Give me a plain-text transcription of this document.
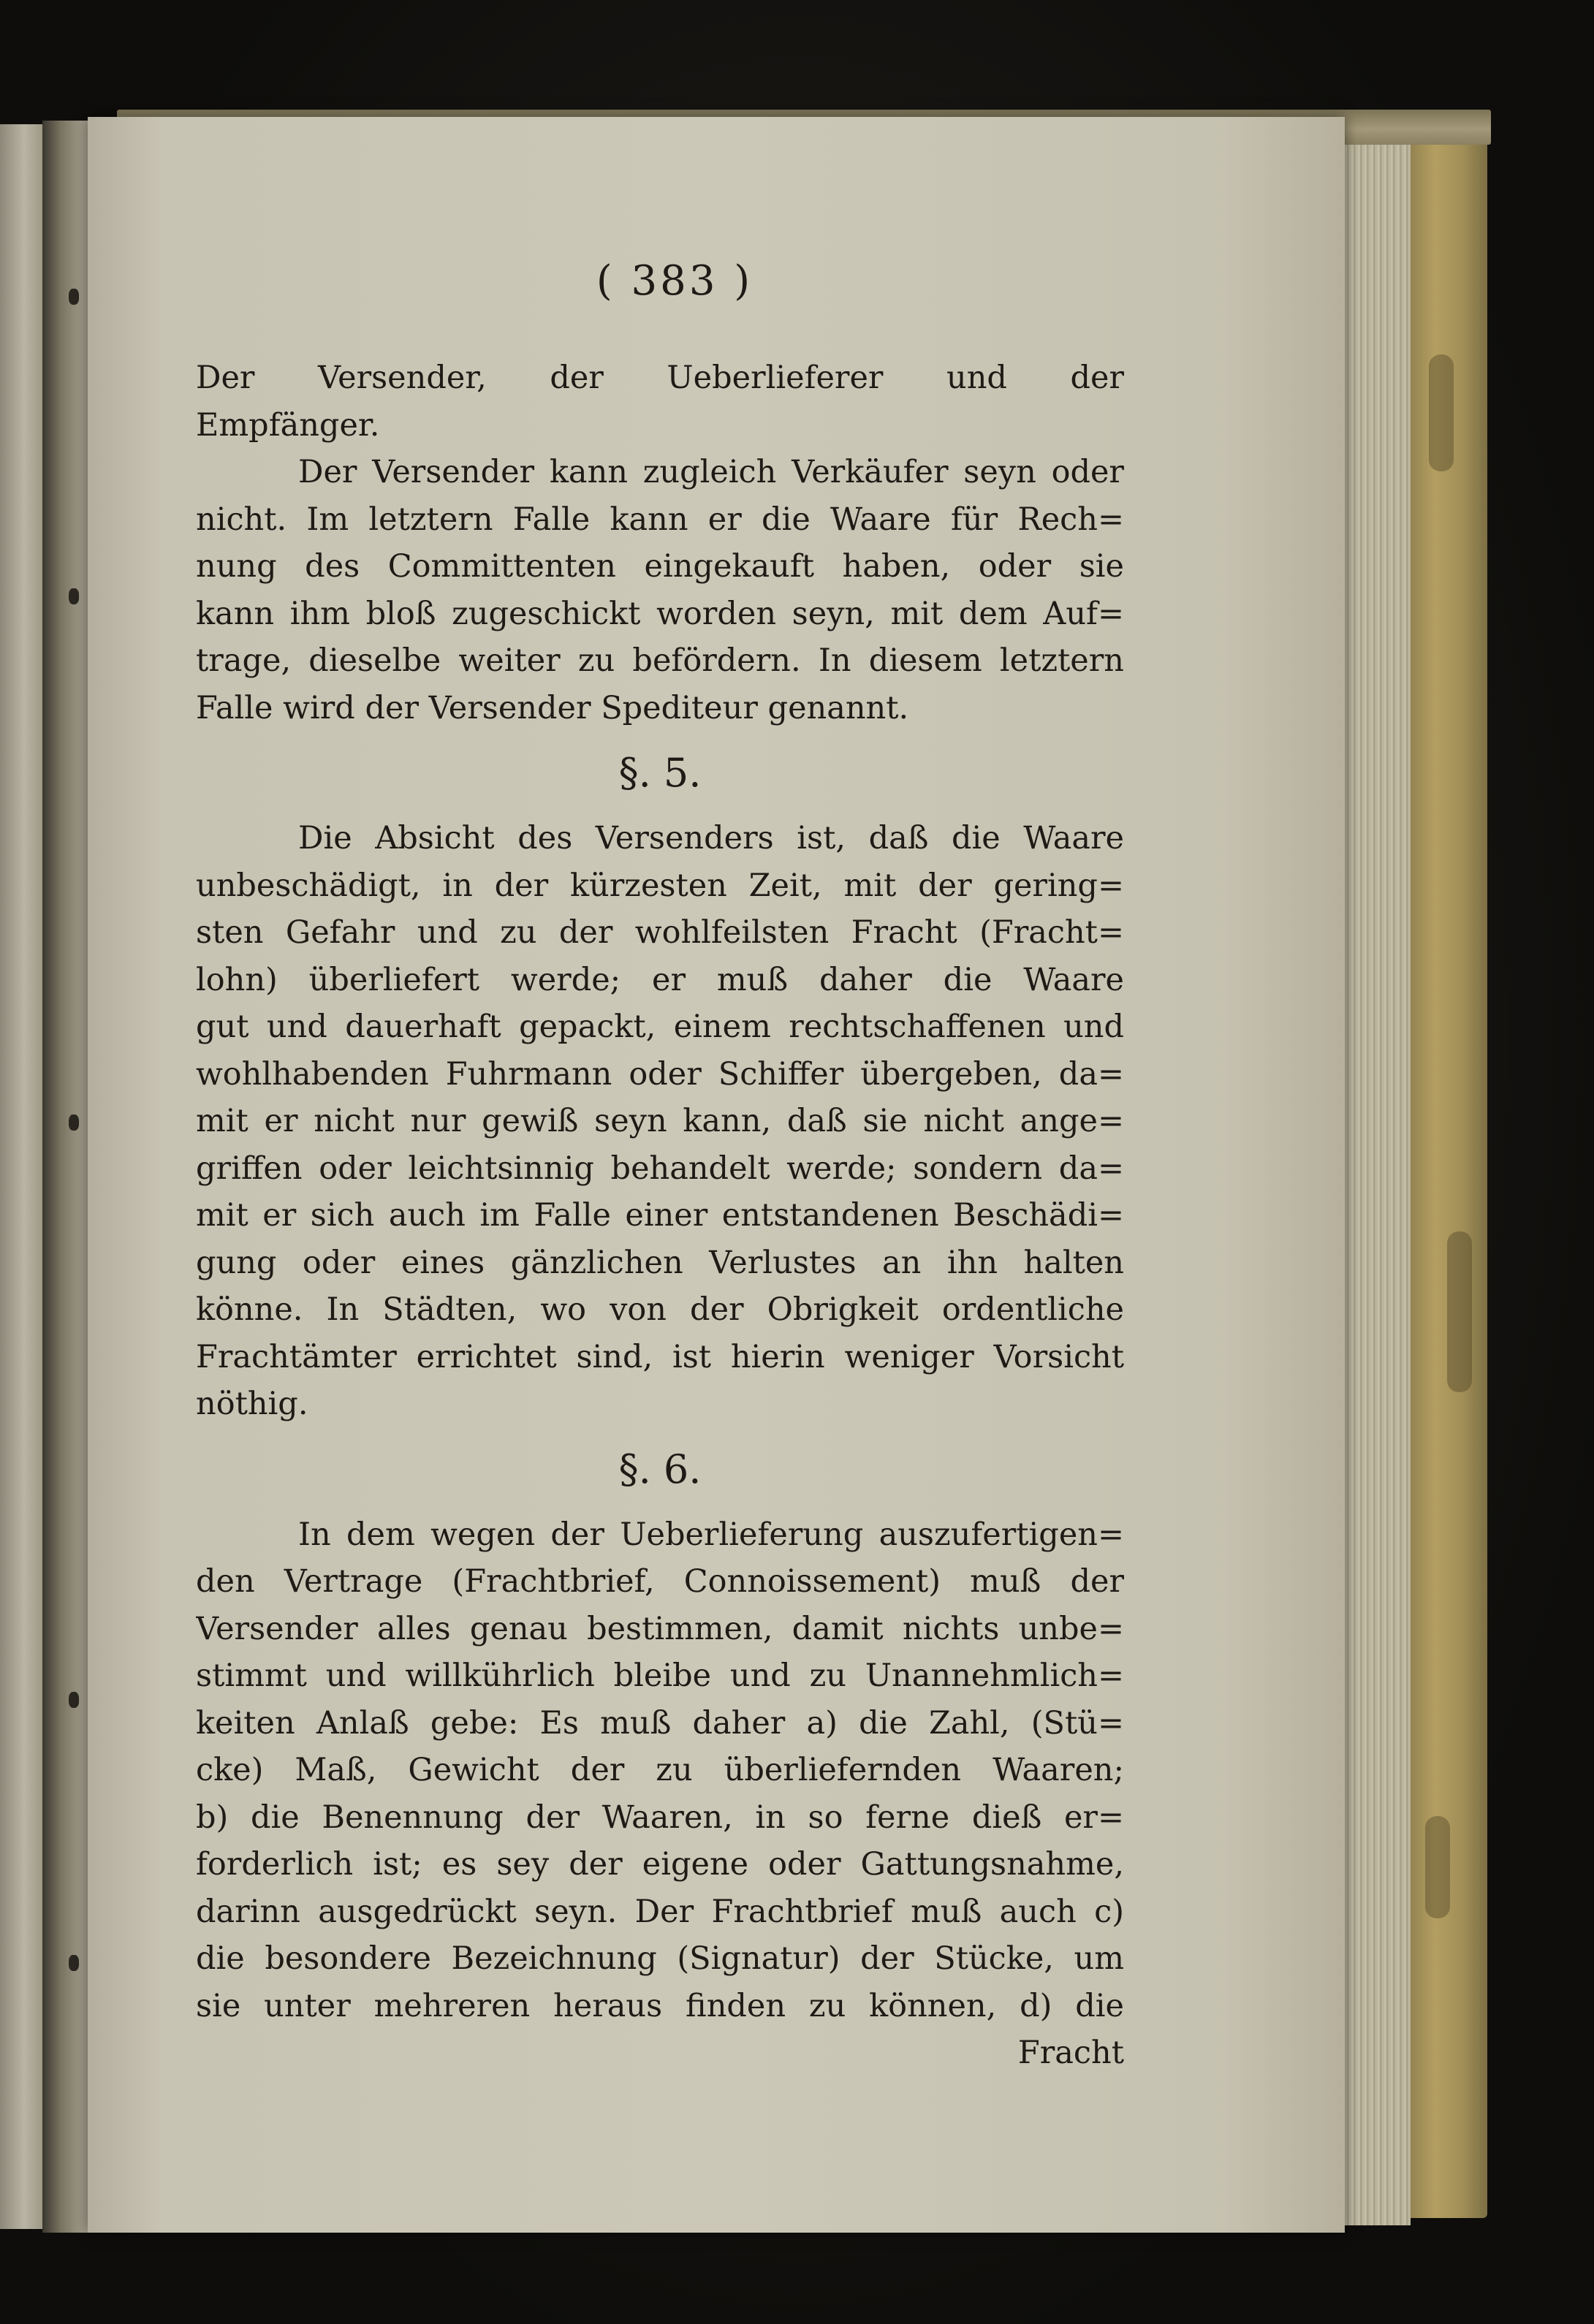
( 383 )
Der Versender, der Ueberlieferer und der
Empfänger.
Der Versender kann zugleich Verkäufer seyn oder
nicht. Im letztern Falle kann er die Waare für Rech=
nung des Committenten eingekauft haben, oder sie
kann ihm bloß zugeschickt worden seyn, mit dem Auf=
trage, dieselbe weiter zu befördern. In diesem letztern
Falle wird der Versender Spediteur genannt.
§. 5.
Die Absicht des Versenders ist, daß die Waare
unbeschädigt, in der kürzesten Zeit, mit der gering=
sten Gefahr und zu der wohlfeilsten Fracht (Fracht=
lohn) überliefert werde; er muß daher die Waare
gut und dauerhaft gepackt, einem rechtschaffenen und
wohlhabenden Fuhrmann oder Schiffer übergeben, da=
mit er nicht nur gewiß seyn kann, daß sie nicht ange=
griffen oder leichtsinnig behandelt werde; sondern da=
mit er sich auch im Falle einer entstandenen Beschädi=
gung oder eines gänzlichen Verlustes an ihn halten
könne. In Städten, wo von der Obrigkeit ordentliche
Frachtämter errichtet sind, ist hierin weniger Vorsicht
nöthig.
§. 6.
In dem wegen der Ueberlieferung auszufertigen=
den Vertrage (Frachtbrief, Connoissement) muß der
Versender alles genau bestimmen, damit nichts unbe=
stimmt und willkührlich bleibe und zu Unannehmlich=
keiten Anlaß gebe: Es muß daher a) die Zahl, (Stü=
cke) Maß, Gewicht der zu überliefernden Waaren;
b) die Benennung der Waaren, in so ferne dieß er=
forderlich ist; es sey der eigene oder Gattungsnahme,
darinn ausgedrückt seyn. Der Frachtbrief muß auch c)
die besondere Bezeichnung (Signatur) der Stücke, um
sie unter mehreren heraus finden zu können, d) die
Fracht
